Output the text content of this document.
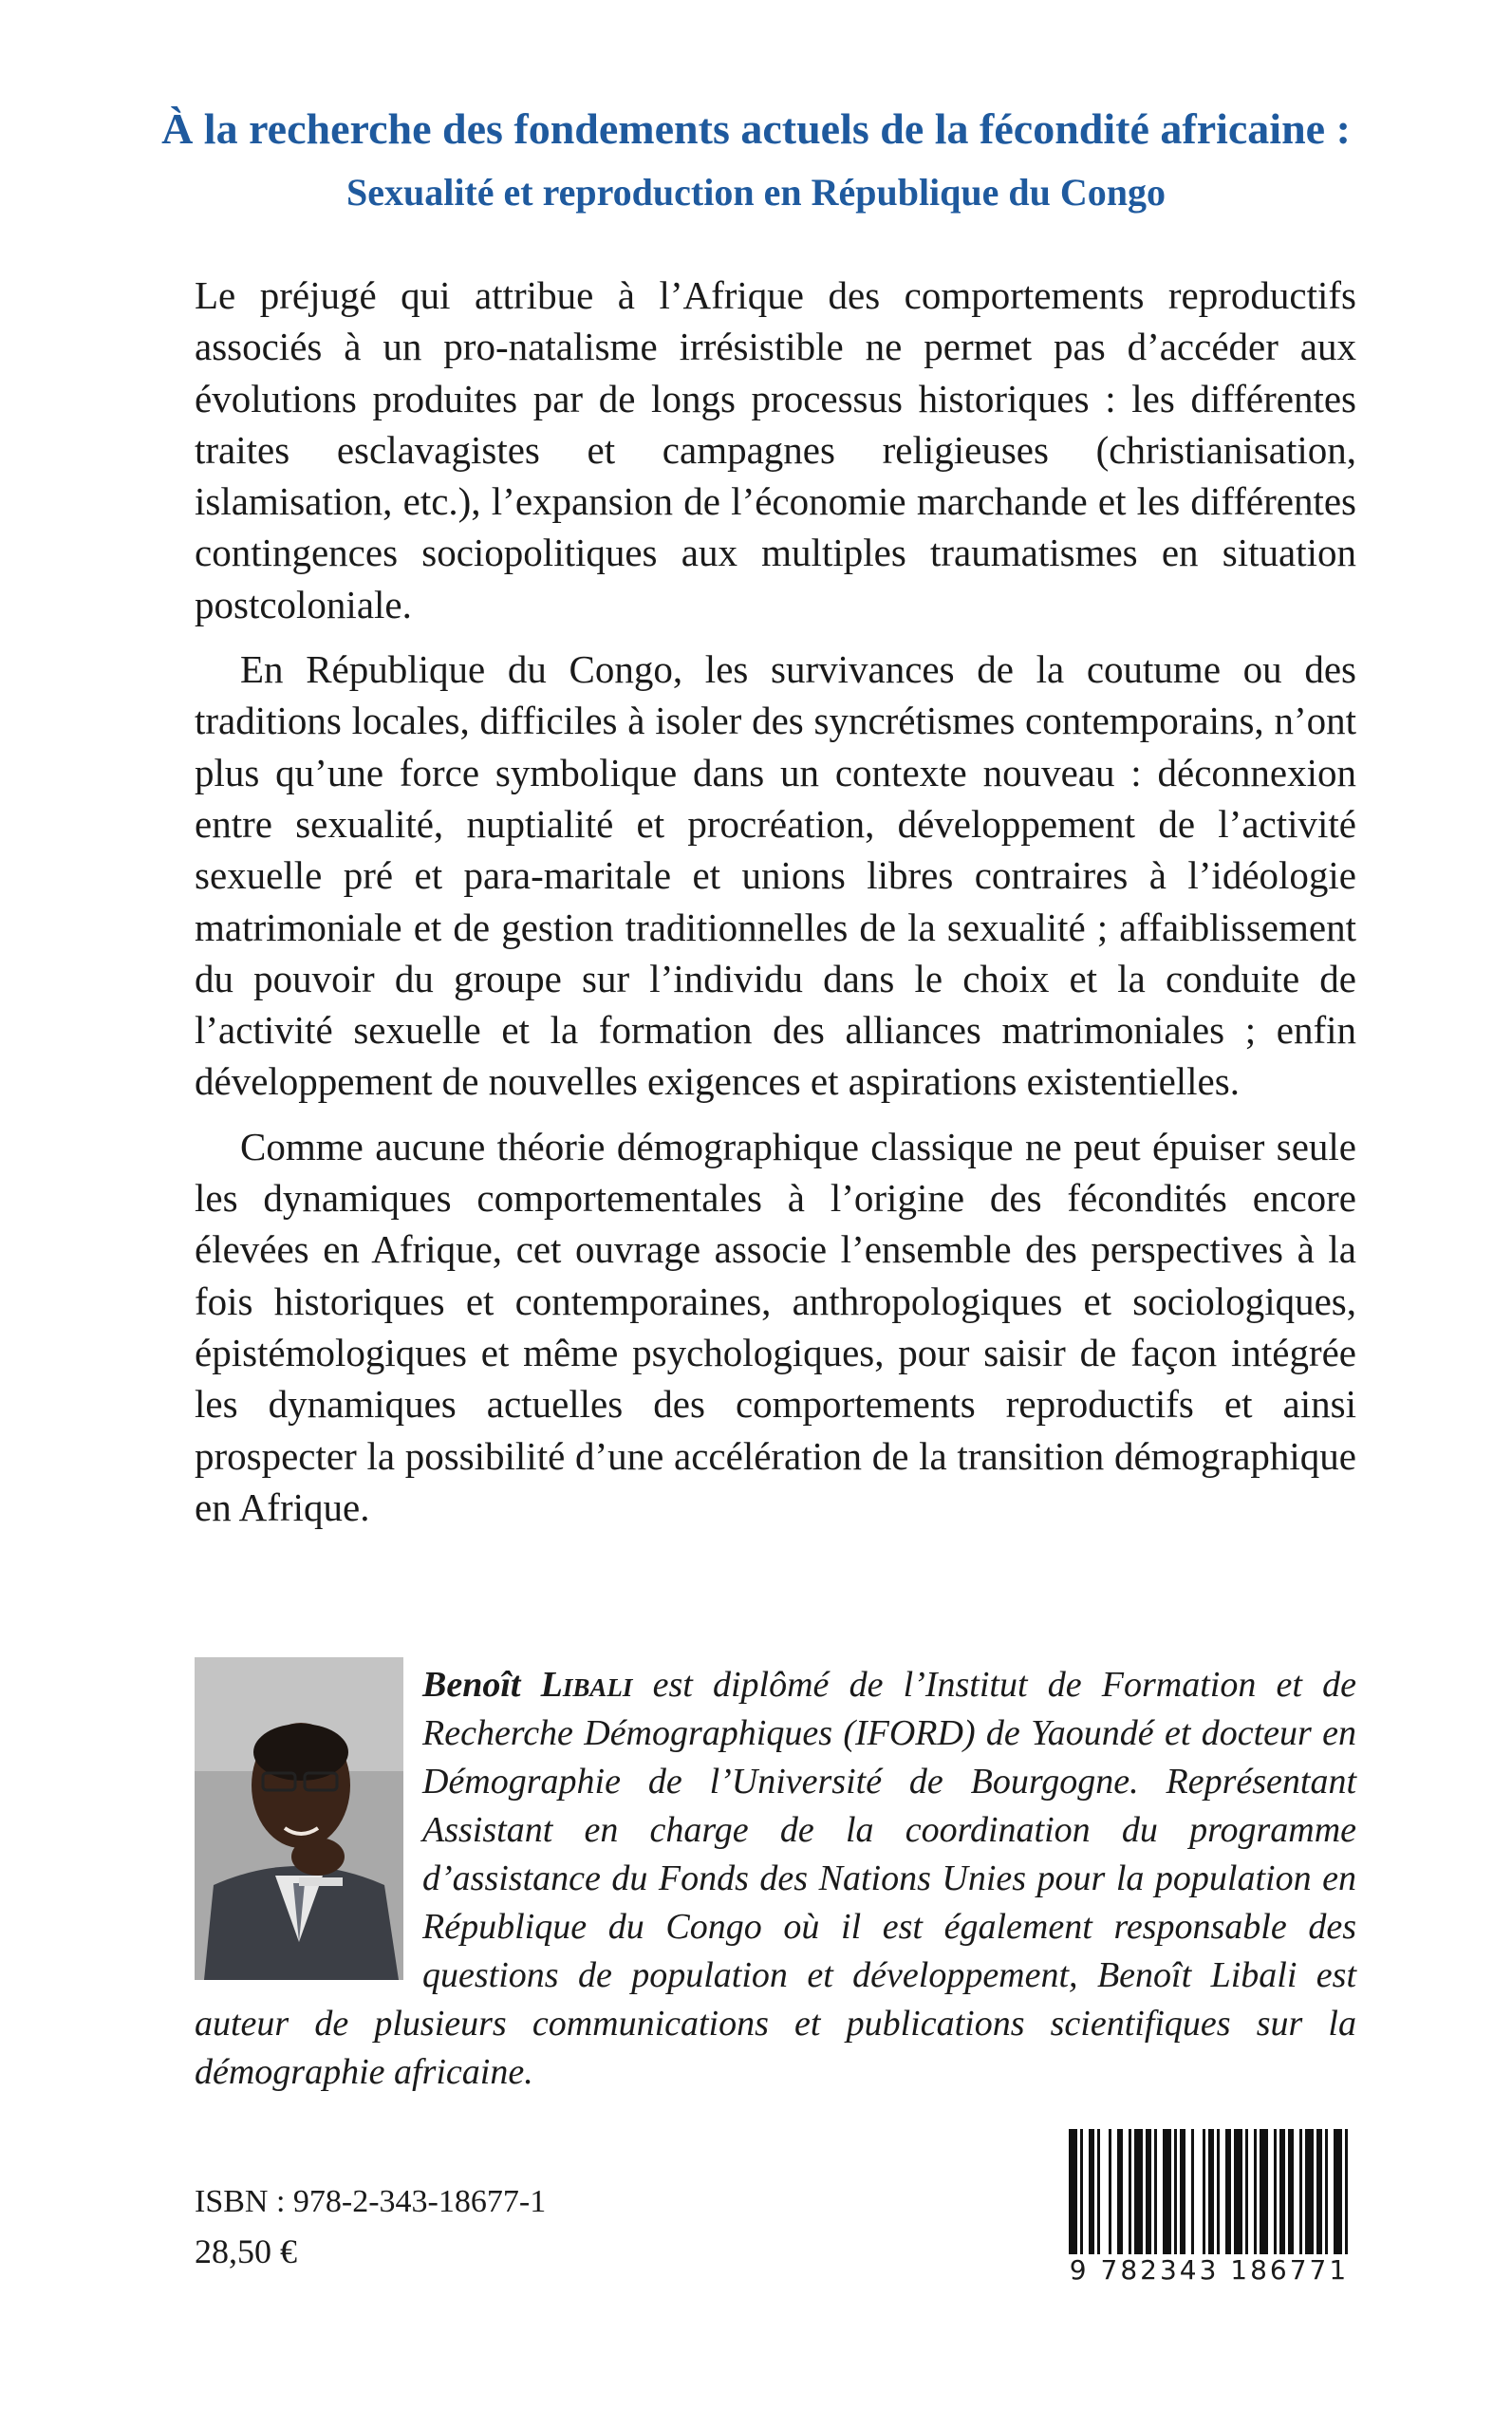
À la recherche des fondements actuels de la fécondité africaine :
Sexualité et reproduction en République du Congo

Le préjugé qui attribue à l’Afrique des comportements reproductifs associés à un pro-natalisme irrésistible ne permet pas d’accéder aux évolutions produites par de longs processus historiques : les différentes traites esclavagistes et campagnes religieuses (christianisation, islamisation, etc.), l’expansion de l’économie marchande et les différentes contingences sociopolitiques aux multiples traumatismes en situation postcoloniale.

En République du Congo, les survivances de la coutume ou des traditions locales, difficiles à isoler des syncrétismes contemporains, n’ont plus qu’une force symbolique dans un contexte nouveau : déconnexion entre sexualité, nuptialité et procréation, développement de l’activité sexuelle pré et para-maritale et unions libres contraires à l’idéologie matrimoniale et de gestion traditionnelles de la sexualité ; affaiblissement du pouvoir du groupe sur l’individu dans le choix et la conduite de l’activité sexuelle et la formation des alliances matrimoniales ; enfin développement de nouvelles exigences et aspirations existentielles.

Comme aucune théorie démographique classique ne peut épuiser seule les dynamiques comportementales à l’origine des fécondités encore élevées en Afrique, cet ouvrage associe l’ensemble des perspectives à la fois historiques et contemporaines, anthropologiques et sociologiques, épistémologiques et même psychologiques, pour saisir de façon intégrée les dynamiques actuelles des comportements reproductifs et ainsi prospecter la possibilité d’une accélération de la transition démographique en Afrique.

Benoît Libali est diplômé de l’Institut de Formation et de Recherche Démographiques (IFORD) de Yaoundé et docteur en Démographie de l’Université de Bourgogne. Représentant Assistant en charge de la coordination du programme d’assistance du Fonds des Nations Unies pour la population en République du Congo où il est également responsable des questions de population et développement, Benoît Libali est auteur de plusieurs communications et publications scientifiques sur la démographie africaine.
ISBN : 978-2-343-18677-1
28,50 €	9 782343 186771
